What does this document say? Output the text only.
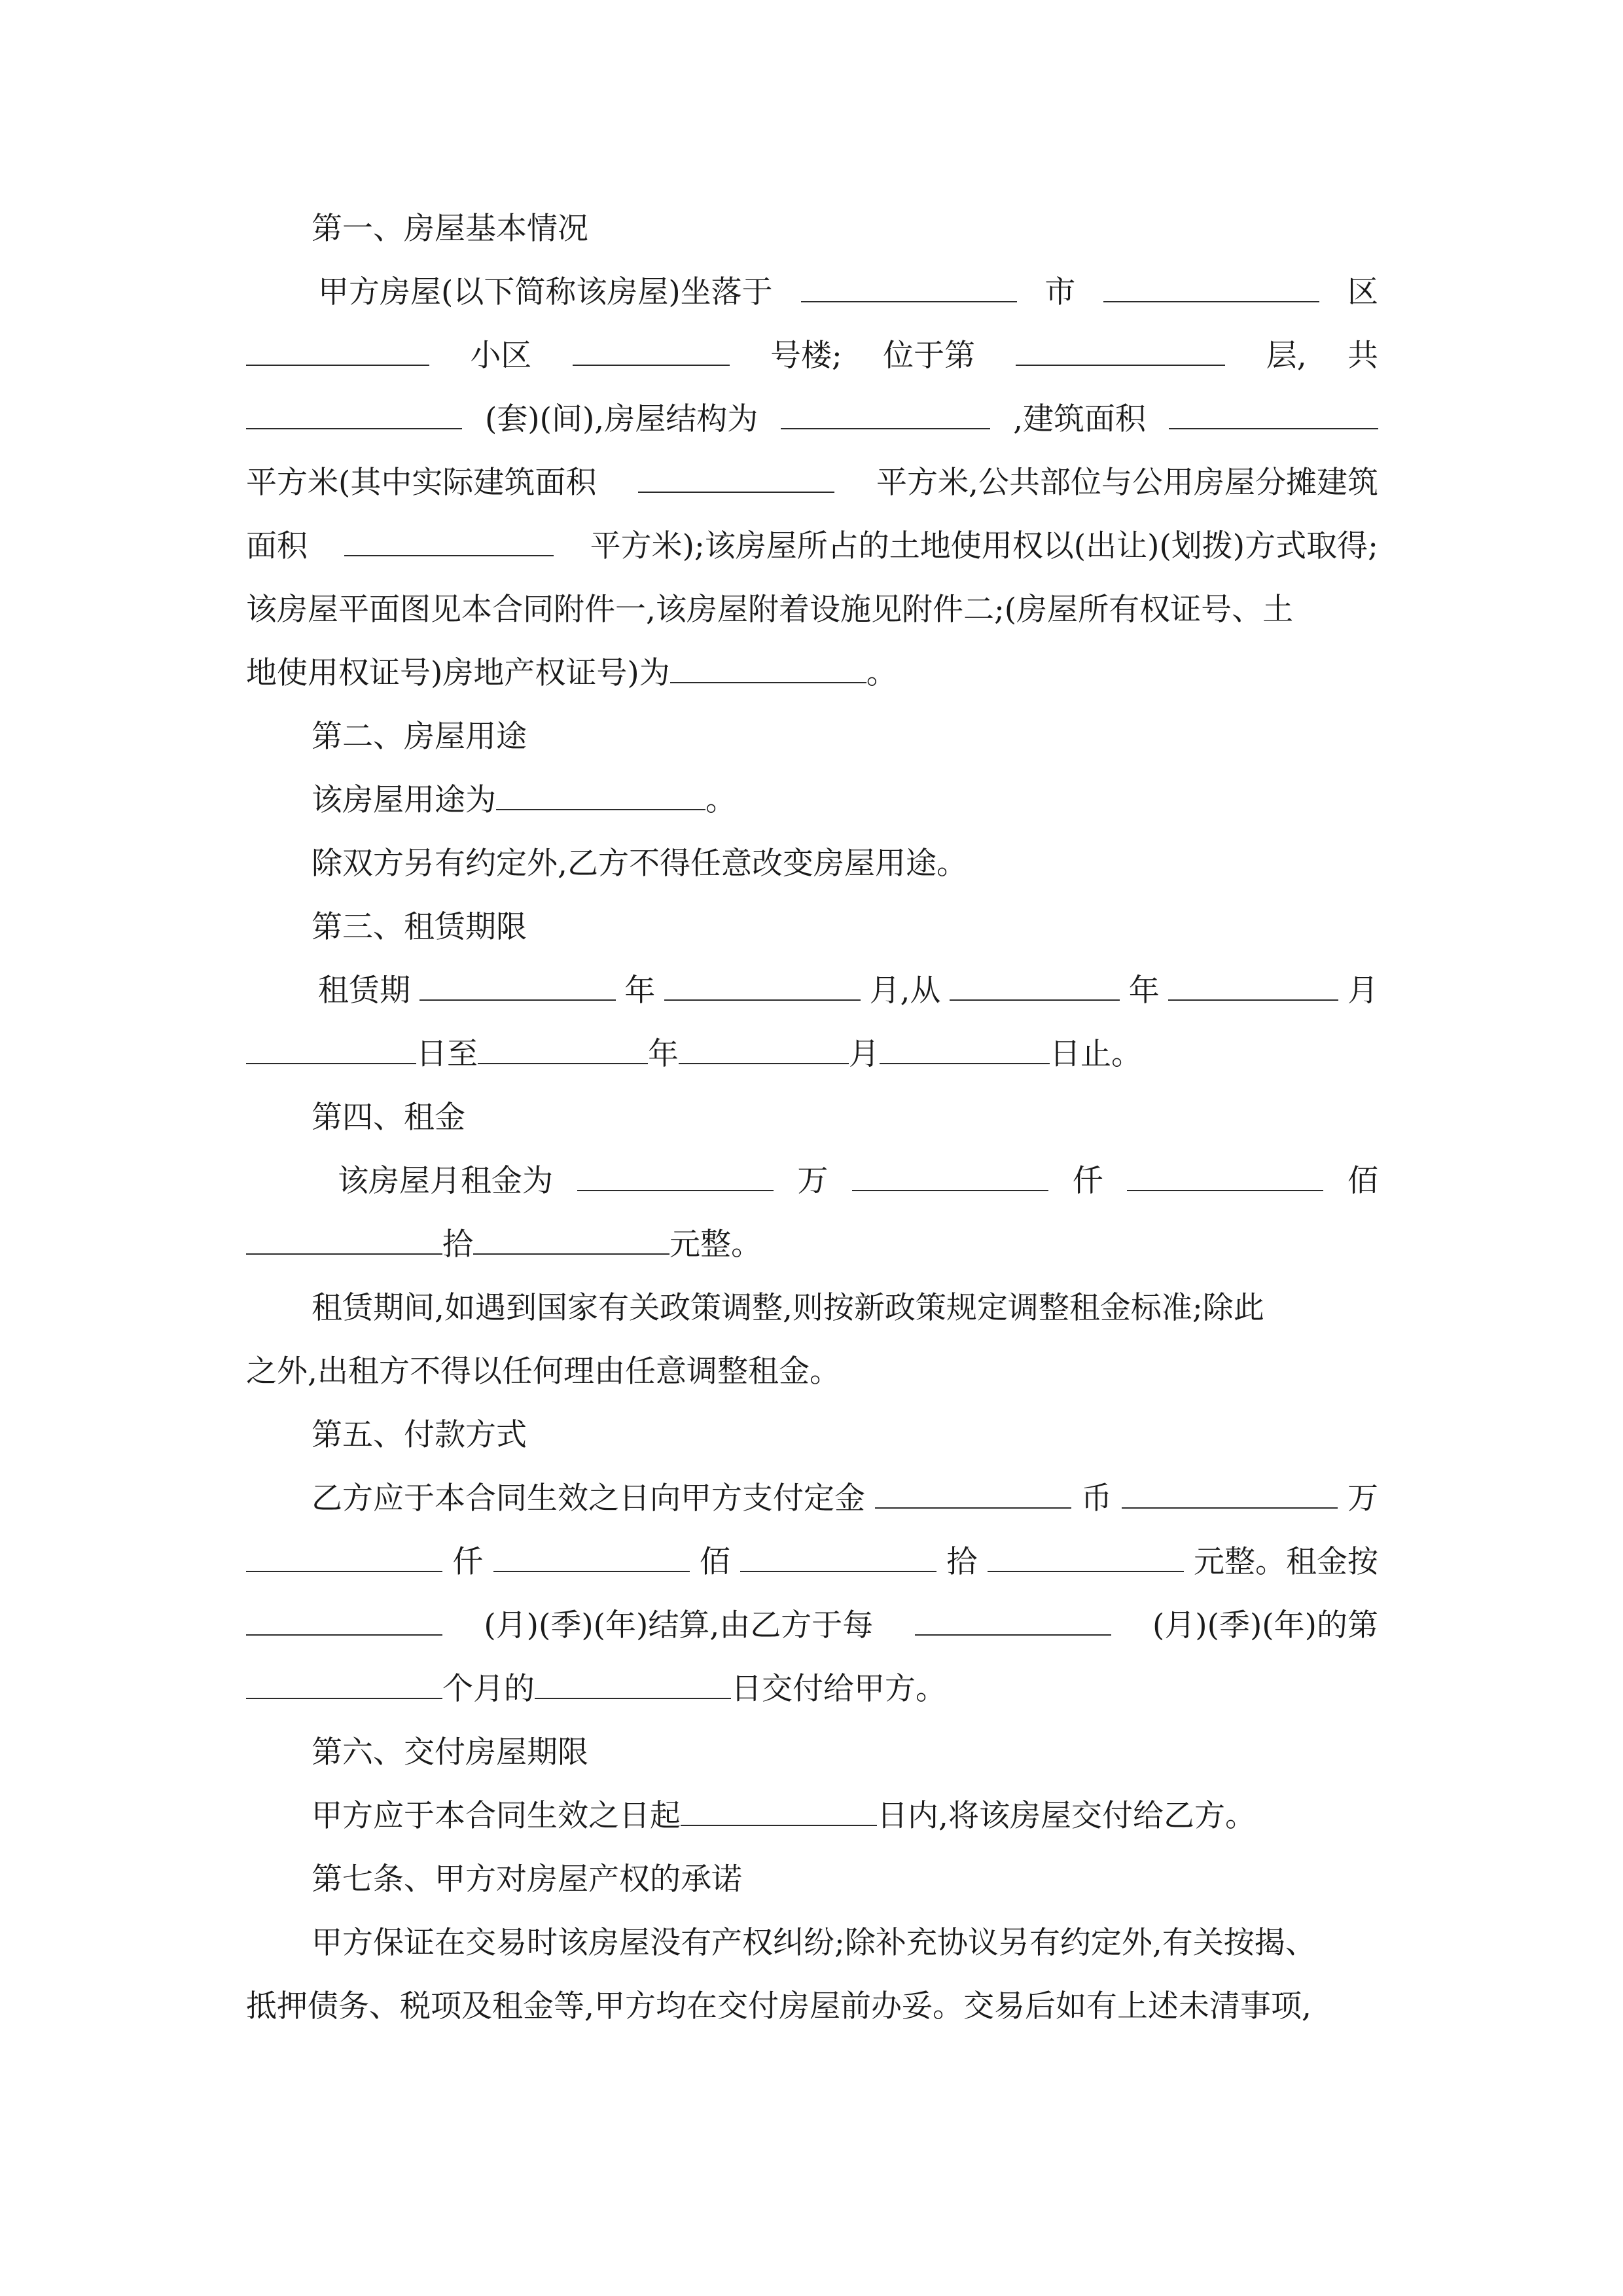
第一、房屋基本情况
甲方房屋(以下简称该房屋)坐落于	市	区
小区	号楼; 位于第	层, 共
(套)(间),房屋结构为	,建筑面积
平方米(其中实际建筑面积	平方米,公共部位与公用房屋分摊建筑
面积	平方米);该房屋所占的土地使用权以(出让)(划拨)方式取得;
该房屋平面图见本合同附件一,该房屋附着设施见附件二;(房屋所有权证号、土
地使用权证号)房地产权证号)为	。
第二、房屋用途
该房屋用途为	。
除双方另有约定外,乙方不得任意改变房屋用途。
第三、租赁期限
租赁期	年	月,从	年	月
日至	年	月	日止。
第四、租金
该房屋月租金为	万	仟	佰
拾	元整。
租赁期间,如遇到国家有关政策调整,则按新政策规定调整租金标准;除此
之外,出租方不得以任何理由任意调整租金。
第五、付款方式
乙方应于本合同生效之日向甲方支付定金	币	万
仟	佰	拾	元整。租金按
(月)(季)(年)结算,由乙方于每	(月)(季)(年)的第
个月的	日交付给甲方。
第六、交付房屋期限
甲方应于本合同生效之日起	日内,将该房屋交付给乙方。
第七条、甲方对房屋产权的承诺
甲方保证在交易时该房屋没有产权纠纷;除补充协议另有约定外,有关按揭、
抵押债务、税项及租金等,甲方均在交付房屋前办妥。交易后如有上述未清事项,
